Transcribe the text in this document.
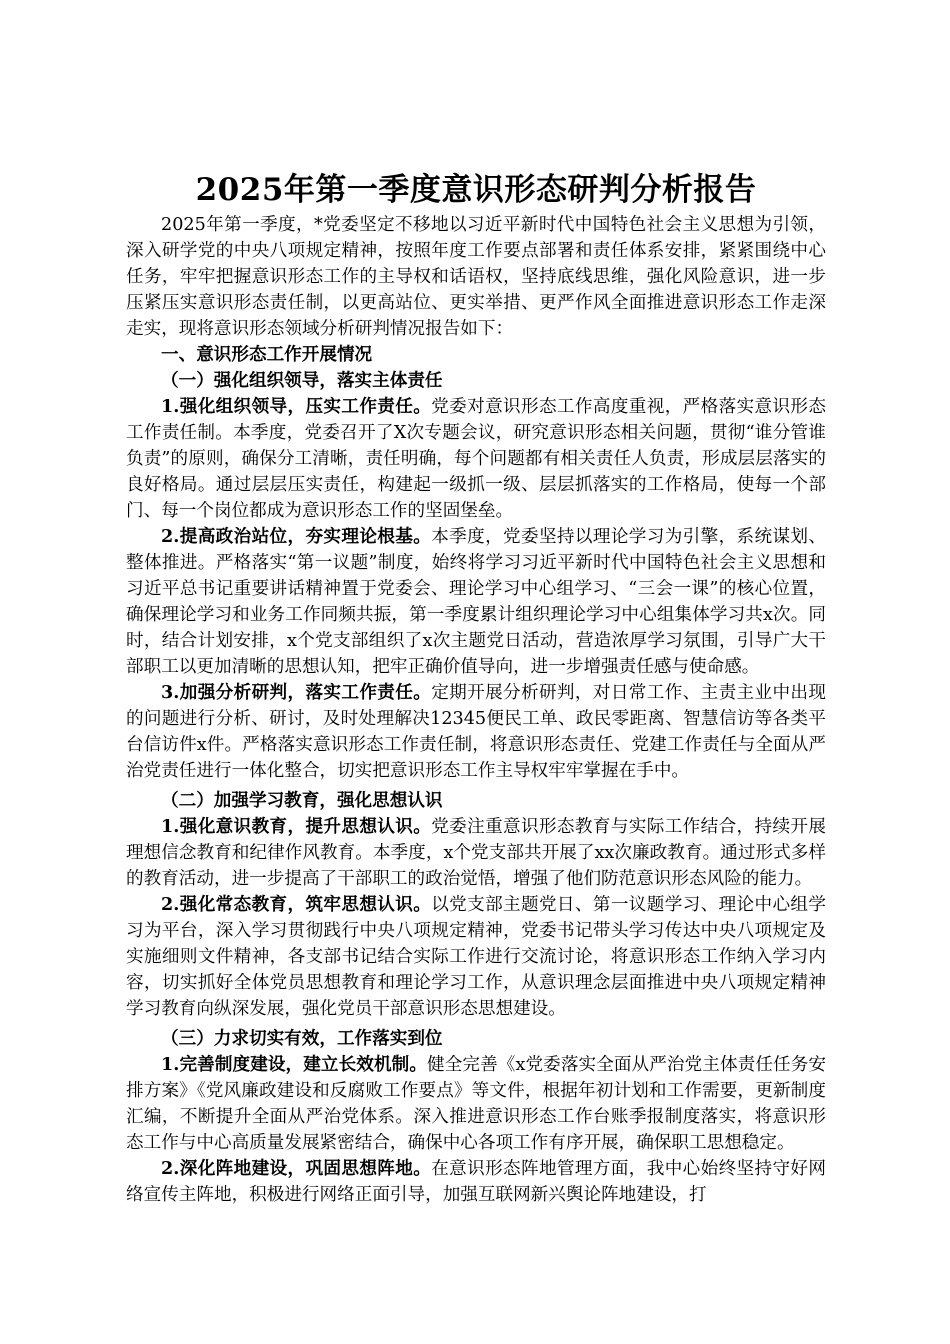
2025年第一季度意识形态研判分析报告

2025年第一季度，*党委坚定不移地以习近平新时代中国特色社会主义思想为引领，深入研学党的中央八项规定精神，按照年度工作要点部署和责任体系安排，紧紧围绕中心任务，牢牢把握意识形态工作的主导权和话语权，坚持底线思维，强化风险意识，进一步压紧压实意识形态责任制，以更高站位、更实举措、更严作风全面推进意识形态工作走深走实，现将意识形态领域分析研判情况报告如下：

一、意识形态工作开展情况

（一）强化组织领导，落实主体责任

1.强化组织领导，压实工作责任。党委对意识形态工作高度重视，严格落实意识形态工作责任制。本季度，党委召开了X次专题会议，研究意识形态相关问题，贯彻“谁分管谁负责”的原则，确保分工清晰，责任明确，每个问题都有相关责任人负责，形成层层落实的良好格局。通过层层压实责任，构建起一级抓一级、层层抓落实的工作格局，使每一个部门、每一个岗位都成为意识形态工作的坚固堡垒。

2.提高政治站位，夯实理论根基。本季度，党委坚持以理论学习为引擎，系统谋划、整体推进。严格落实“第一议题”制度，始终将学习习近平新时代中国特色社会主义思想和习近平总书记重要讲话精神置于党委会、理论学习中心组学习、“三会一课”的核心位置，确保理论学习和业务工作同频共振，第一季度累计组织理论学习中心组集体学习共x次。同时，结合计划安排，x个党支部组织了x次主题党日活动，营造浓厚学习氛围，引导广大干部职工以更加清晰的思想认知，把牢正确价值导向，进一步增强责任感与使命感。

3.加强分析研判，落实工作责任。定期开展分析研判，对日常工作、主责主业中出现的问题进行分析、研讨，及时处理解决12345便民工单、政民零距离、智慧信访等各类平台信访件x件。严格落实意识形态工作责任制，将意识形态责任、党建工作责任与全面从严治党责任进行一体化整合，切实把意识形态工作主导权牢牢掌握在手中。

（二）加强学习教育，强化思想认识

1.强化意识教育，提升思想认识。党委注重意识形态教育与实际工作结合，持续开展理想信念教育和纪律作风教育。本季度，x个党支部共开展了xx次廉政教育。通过形式多样的教育活动，进一步提高了干部职工的政治觉悟，增强了他们防范意识形态风险的能力。

2.强化常态教育，筑牢思想认识。以党支部主题党日、第一议题学习、理论中心组学习为平台，深入学习贯彻践行中央八项规定精神，党委书记带头学习传达中央八项规定及实施细则文件精神，各支部书记结合实际工作进行交流讨论，将意识形态工作纳入学习内容，切实抓好全体党员思想教育和理论学习工作，从意识理念层面推进中央八项规定精神学习教育向纵深发展，强化党员干部意识形态思想建设。

（三）力求切实有效，工作落实到位

1.完善制度建设，建立长效机制。健全完善《x党委落实全面从严治党主体责任任务安排方案》《党风廉政建设和反腐败工作要点》等文件，根据年初计划和工作需要，更新制度汇编，不断提升全面从严治党体系。深入推进意识形态工作台账季报制度落实，将意识形态工作与中心高质量发展紧密结合，确保中心各项工作有序开展，确保职工思想稳定。

2.深化阵地建设，巩固思想阵地。在意识形态阵地管理方面，我中心始终坚持守好网络宣传主阵地，积极进行网络正面引导，加强互联网新兴舆论阵地建设，打
